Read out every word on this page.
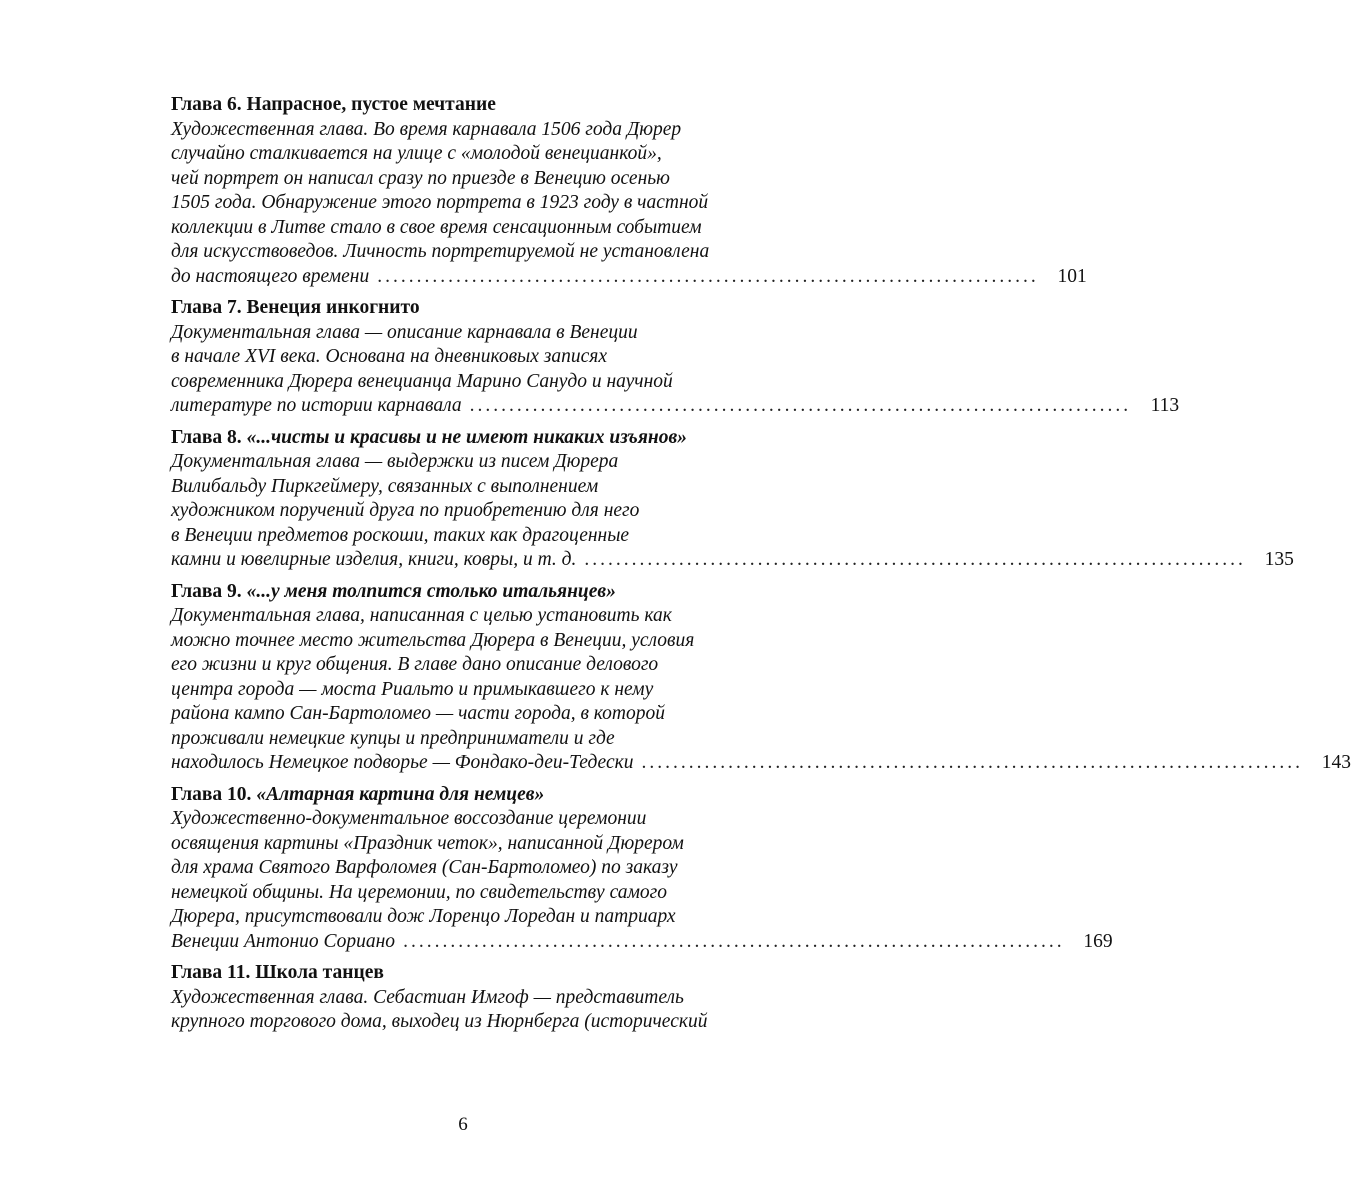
Глава 6. Напрасное, пустое мечтание
Художественная глава. Во время карнавала 1506 года Дюрер
случайно сталкивается на улице с «молодой венецианкой»,
чей портрет он написал сразу по приезде в Венецию осенью
1505 года. Обнаружение этого портрета в 1923 году в частной
коллекции в Литве стало в свое время сенсационным событием
для искусствоведов. Личность портретируемой не установлена
до настоящего времени .................................................................................... 101
Глава 7. Венеция инкогнито
Документальная глава — описание карнавала в Венеции
в начале XVI века. Основана на дневниковых записях
современника Дюрера венецианца Марино Санудо и научной
литературе по истории карнавала .................................................................................... 113
Глава 8. «...чисты и красивы и не имеют никаких изъянов»
Документальная глава — выдержки из писем Дюрера
Вилибальду Пиркгеймеру, связанных с выполнением
художником поручений друга по приобретению для него
в Венеции предметов роскоши, таких как драгоценные
камни и ювелирные изделия, книги, ковры, и т. д. .................................................................................... 135
Глава 9. «...у меня толпится столько итальянцев»
Документальная глава, написанная с целью установить как
можно точнее место жительства Дюрера в Венеции, условия
его жизни и круг общения. В главе дано описание делового
центра города — моста Риальто и примыкавшего к нему
района кампо Сан-Бартоломео — части города, в которой
проживали немецкие купцы и предприниматели и где
находилось Немецкое подворье — Фондако-деи-Тедески .................................................................................... 143
Глава 10. «Алтарная картина для немцев»
Художественно-документальное воссоздание церемонии
освящения картины «Праздник четок», написанной Дюрером
для храма Святого Варфоломея (Сан-Бартоломео) по заказу
немецкой общины. На церемонии, по свидетельству самого
Дюрера, присутствовали дож Лоренцо Лоредан и патриарх
Венеции Антонио Сориано .................................................................................... 169
Глава 11. Школа танцев
Художественная глава. Себастиан Имгоф — представитель
крупного торгового дома, выходец из Нюрнберга (исторический
6
